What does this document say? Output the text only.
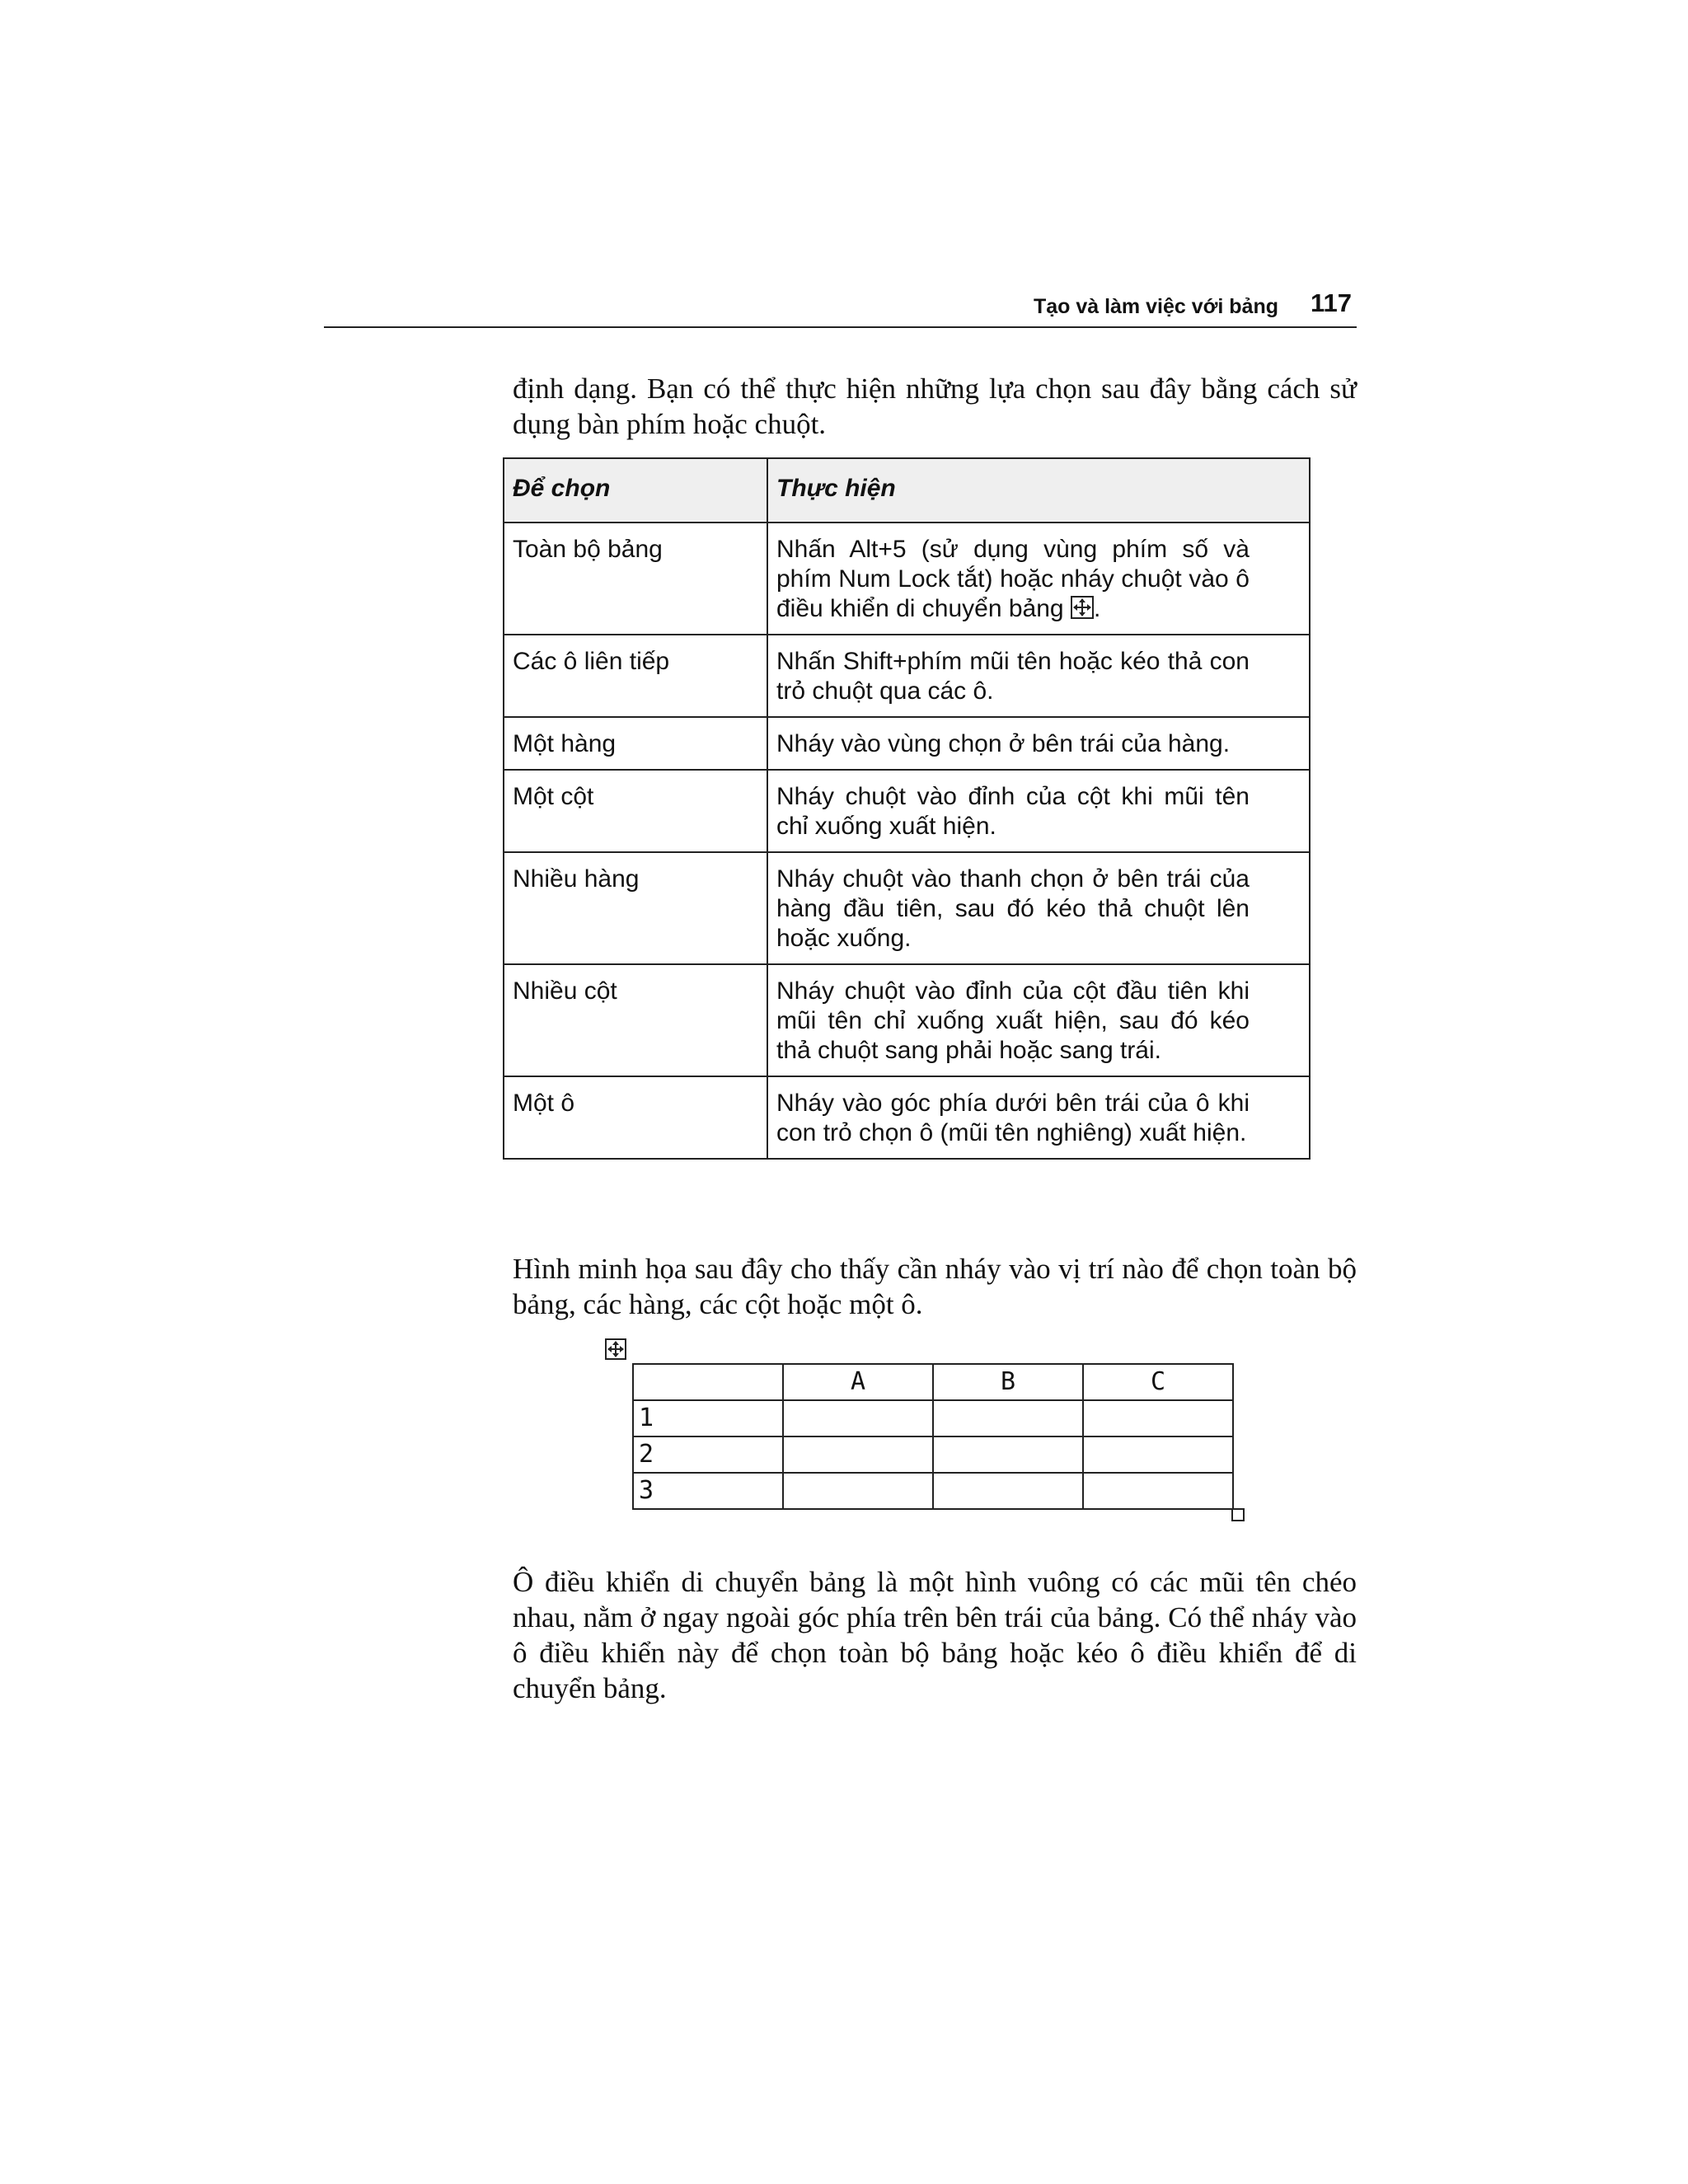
Tạo và làm việc với bảng 117

định dạng. Bạn có thể thực hiện những lựa chọn sau đây bằng cách sử dụng bàn phím hoặc chuột.

Để chọn	Thực hiện
Toàn bộ bảng	Nhấn Alt+5 (sử dụng vùng phím số và phím Num Lock tắt) hoặc nháy chuột vào ô điều khiển di chuyển bảng .
Các ô liên tiếp	Nhấn Shift+phím mũi tên hoặc kéo thả con trỏ chuột qua các ô.
Một hàng	Nháy vào vùng chọn ở bên trái của hàng.
Một cột	Nháy chuột vào đỉnh của cột khi mũi tên chỉ xuống xuất hiện.
Nhiều hàng	Nháy chuột vào thanh chọn ở bên trái của hàng đầu tiên, sau đó kéo thả chuột lên hoặc xuống.
Nhiều cột	Nháy chuột vào đỉnh của cột đầu tiên khi mũi tên chỉ xuống xuất hiện, sau đó kéo thả chuột sang phải hoặc sang trái.
Một ô	Nháy vào góc phía dưới bên trái của ô khi con trỏ chọn ô (mũi tên nghiêng) xuất hiện.

Hình minh họa sau đây cho thấy cần nháy vào vị trí nào để chọn toàn bộ bảng, các hàng, các cột hoặc một ô.

	A	B	C
1			
2			
3			

Ô điều khiển di chuyển bảng là một hình vuông có các mũi tên chéo nhau, nằm ở ngay ngoài góc phía trên bên trái của bảng. Có thể nháy vào ô điều khiển này để chọn toàn bộ bảng hoặc kéo ô điều khiển để di chuyển bảng.
